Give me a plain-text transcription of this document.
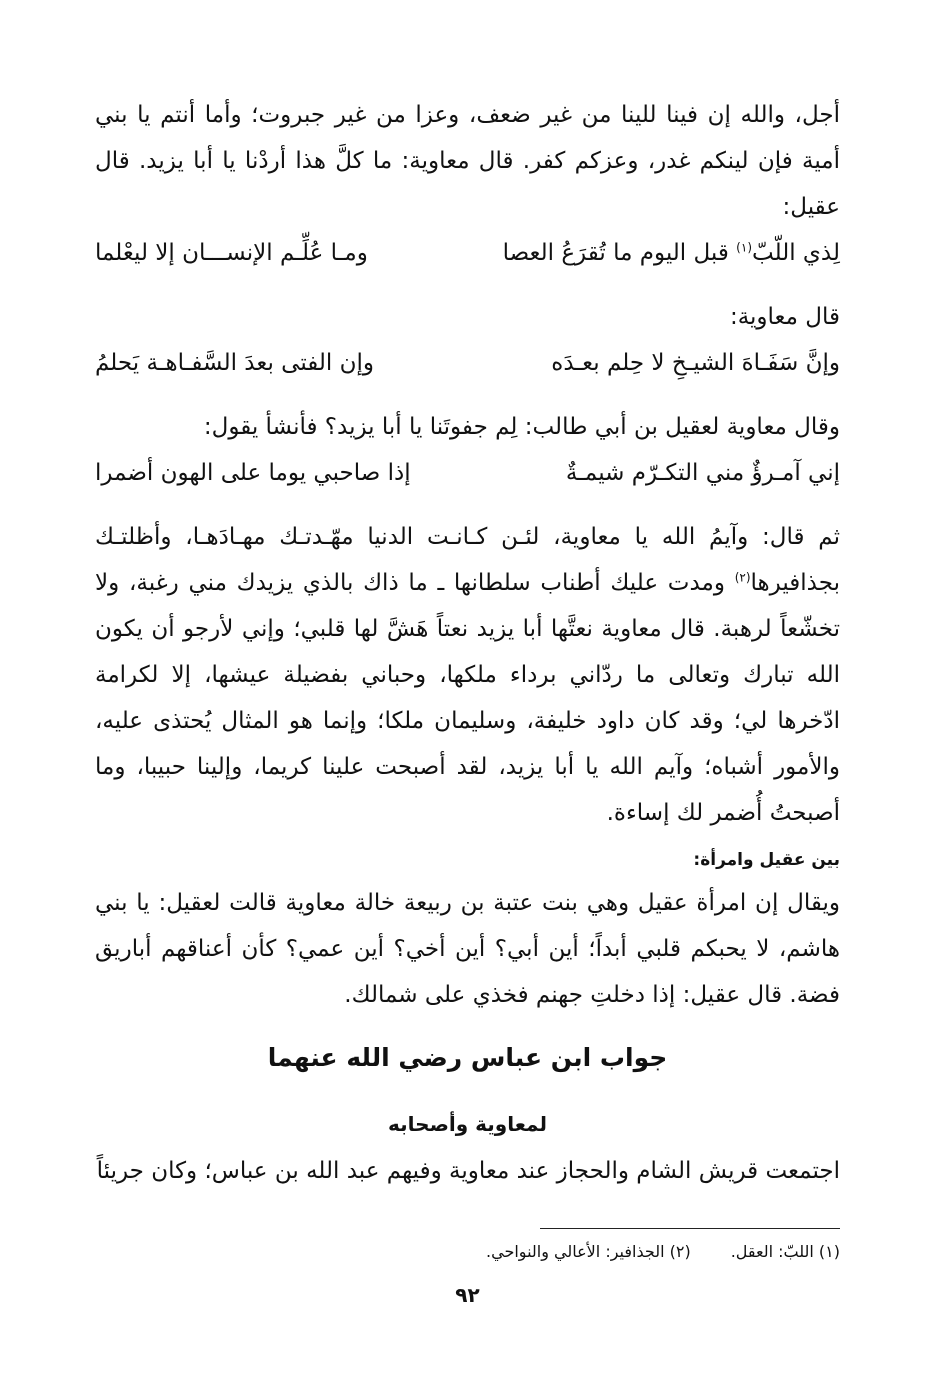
أجل، والله إن فينا للينا من غير ضعف، وعزا من غير جبروت؛ وأما أنتم يا بني أمية فإن لينكم غدر، وعزكم كفر. قال معاوية: ما كلَّ هذا أردْنا يا أبا يزيد. قال عقيل:

لِذي اللّبّ$^{(١)}$ قبل اليوم ما تُقرَعُ العصا
ومـا عُلِّـم الإنســـان إلا ليعْلما

قال معاوية:

وإنَّ سَفَـاهَ الشيـخِ لا حِلم بعـدَه
وإن الفتى بعدَ السَّفـاهـة يَحلمُ

وقال معاوية لعقيل بن أبي طالب: لِم جفوتَنا يا أبا يزيد؟ فأنشأ يقول:

إني آمـرؤٌ مني التكـرّم شيمـةٌ
إذا صاحبي يوما على الهون أضمرا

ثم قال: وآيمُ الله يا معاوية، لئـن كـانـت الدنيا مهّـدتـك مهـادَهـا، وأظلتـك بجذافيرها$^{(٢)}$ ومدت عليك أطناب سلطانها ـ ما ذاك بالذي يزيدك مني رغبة، ولا تخشّعاً لرهبة. قال معاوية نعتَّها أبا يزيد نعتاً هَشَّ لها قلبي؛ وإني لأرجو أن يكون الله تبارك وتعالى ما ردّاني برداء ملكها، وحباني بفضيلة عيشها، إلا لكرامة ادّخرها لي؛ وقد كان داود خليفة، وسليمان ملكا؛ وإنما هو المثال يُحتذى عليه، والأمور أشباه؛ وآيم الله يا أبا يزيد، لقد أصبحت علينا كريما، وإلينا حبيبا، وما أصبحتُ أُضمر لك إساءة.

بين عقيل وامرأة:

ويقال إن امرأة عقيل وهي بنت عتبة بن ربيعة خالة معاوية قالت لعقيل: يا بني هاشم، لا يحبكم قلبي أبداً؛ أين أبي؟ أين أخي؟ أين عمي؟ كأن أعناقهم أباريق فضة. قال عقيل: إذا دخلتِ جهنم فخذي على شمالك.

جواب ابن عباس رضي الله عنهما
لمعاوية وأصحابه

اجتمعت قريش الشام والحجاز عند معاوية وفيهم عبد الله بن عباس؛ وكان جريئاً

(١) اللبّ: العقل.
(٢) الجذافير: الأعالي والنواحي.
٩٢
